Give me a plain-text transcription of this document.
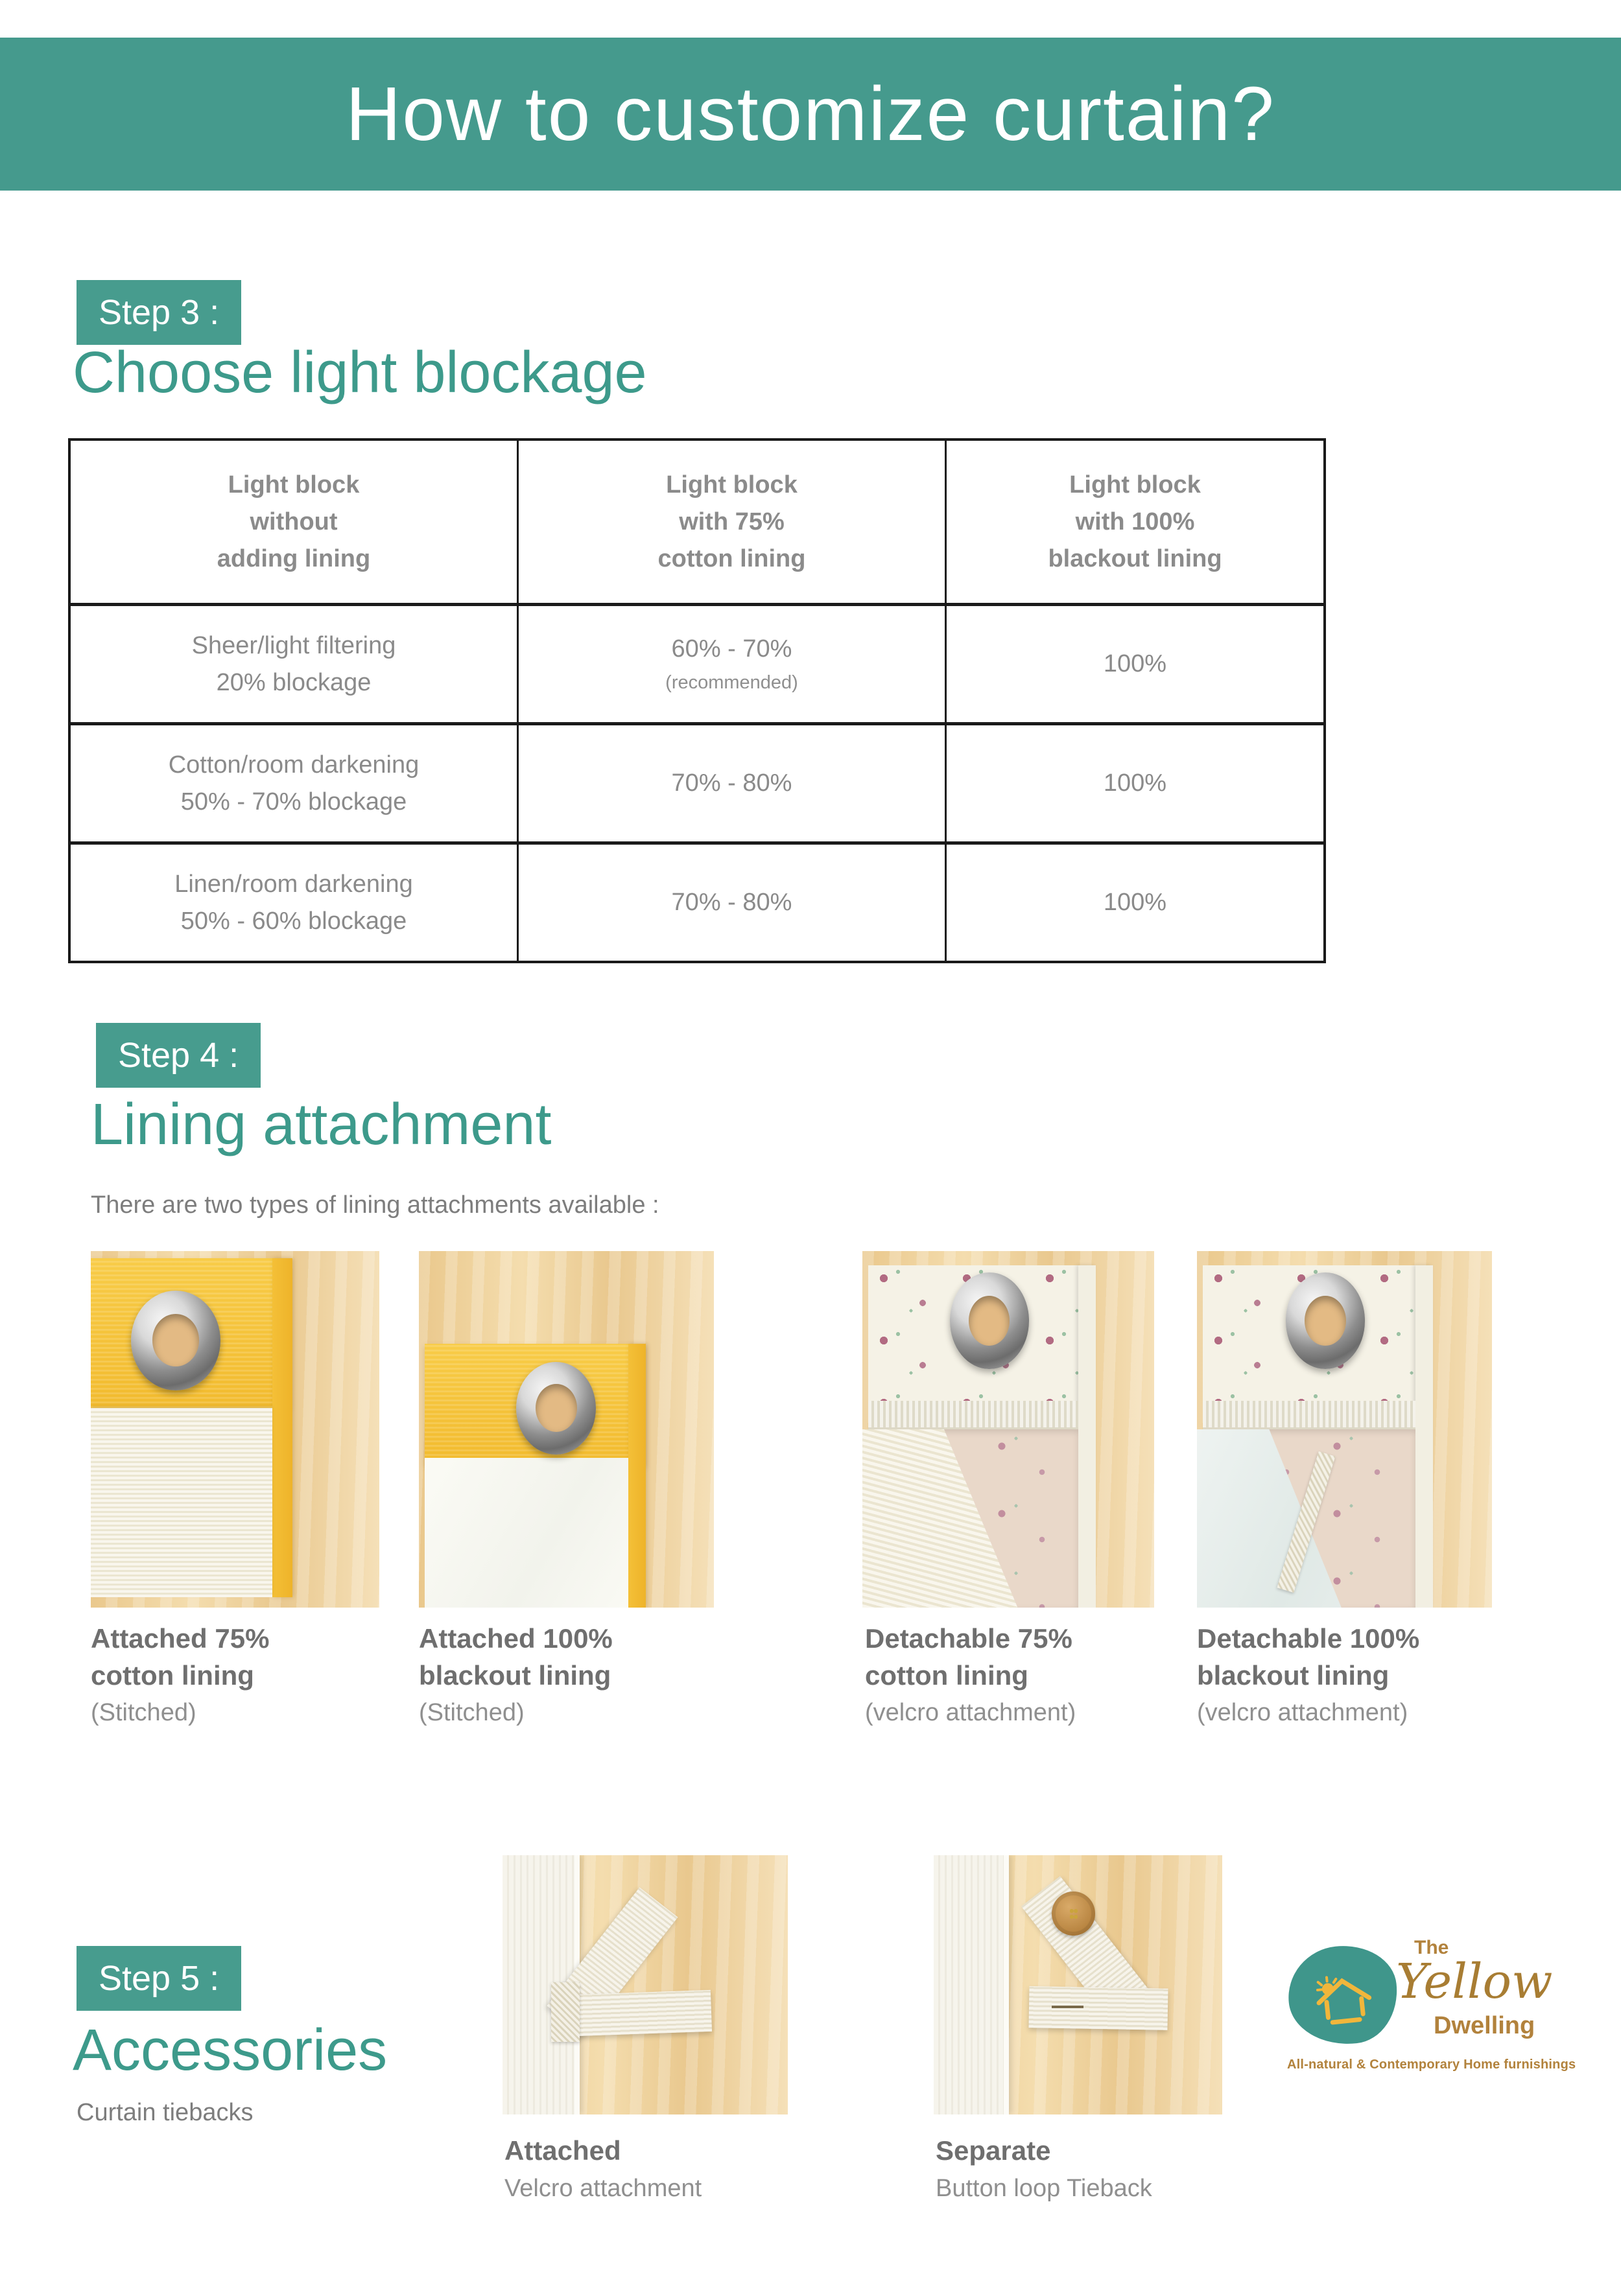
How to customize curtain?
Step 3 :
Choose light blockage
Light block
without
adding lining
Light block
with 75%
cotton lining
Light block
with 100%
blackout lining
Sheer/light filtering
20% blockage
60% - 70%
(recommended)
100%
Cotton/room darkening
50% - 70% blockage
70% - 80%	100%
Linen/room darkening
50% - 60% blockage
70% - 80%	100%
Step 4 :
Lining attachment
There are two types of lining attachments available :
Attached 75%
cotton lining
(Stitched)
Attached 100%
blackout lining
(Stitched)
Detachable 75%
cotton lining
(velcro attachment)
Detachable 100%
blackout lining
(velcro attachment)
Step 5 :
Accessories
Curtain tiebacks
Attached
Velcro attachment
Separate
Button loop Tieback
The
Yellow
Dwelling
All-natural & Contemporary Home furnishings
